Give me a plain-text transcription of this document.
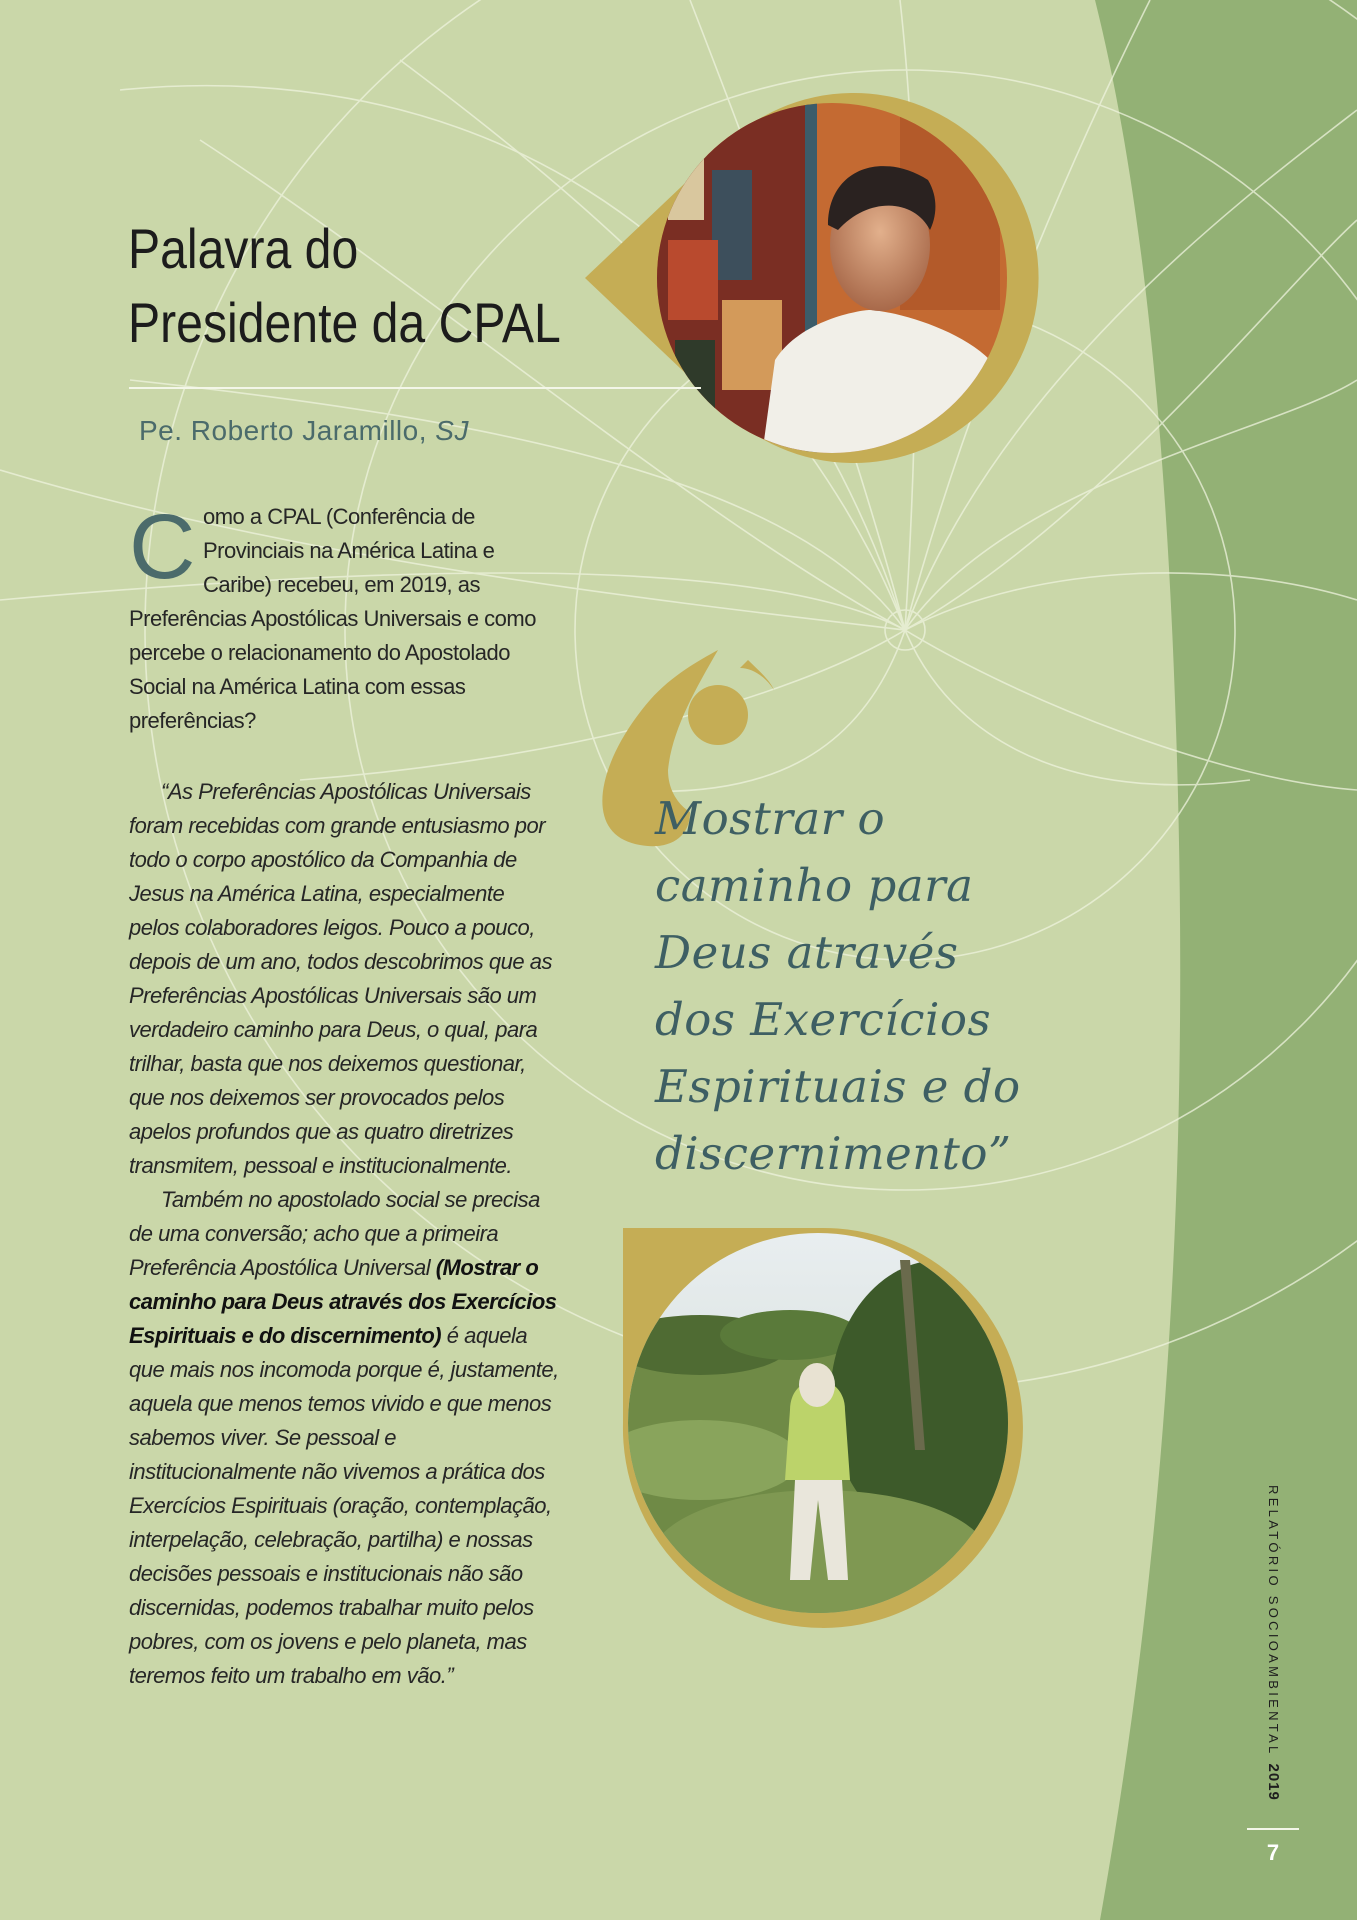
Palavra do
Presidente da CPAL

Pe. Roberto Jaramillo, SJ

C omo a CPAL (Conferência de Provinciais na América Latina e Caribe) recebeu, em 2019, as Preferências Apostólicas Universais e como percebe o relacionamento do Apostolado Social na América Latina com essas preferências?

“As Preferências Apostólicas Universais foram recebidas com grande entusiasmo por todo o corpo apostólico da Companhia de Jesus na América Latina, especialmente pelos colaboradores leigos. Pouco a pouco, depois de um ano, todos descobrimos que as Preferências Apostólicas Universais são um verdadeiro caminho para Deus, o qual, para trilhar, basta que nos deixemos questionar, que nos deixemos ser provocados pelos apelos profundos que as quatro diretrizes transmitem, pessoal e institucionalmente.

Também no apostolado social se precisa de uma conversão; acho que a primeira Preferência Apostólica Universal (Mostrar o caminho para Deus através dos Exercícios Espirituais e do discernimento) é aquela que mais nos incomoda porque é, justamente, aquela que menos temos vivido e que menos sabemos viver. Se pessoal e institucionalmente não vivemos a prática dos Exercícios Espirituais (oração, contemplação, interpelação, celebração, partilha) e nossas decisões pessoais e institucionais não são discernidas, podemos trabalhar muito pelos pobres, com os jovens e pelo planeta, mas teremos feito um trabalho em vão.”

Mostrar o caminho para Deus através dos Exercícios Espirituais e do discernimento”

RELATÓRIO SOCIOAMBIENTAL 2019
7
